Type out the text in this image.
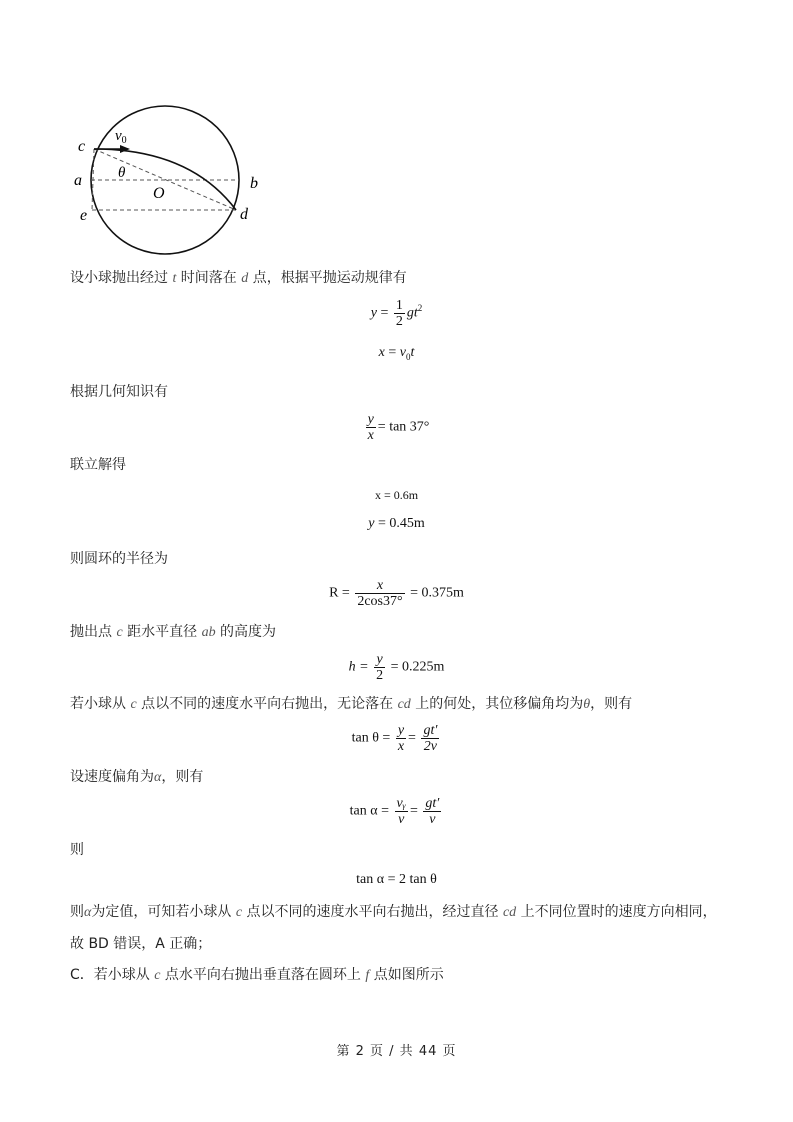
c
a
e
b
d
O
θ
$v_0$
设小球抛出经过 t 时间落在 d 点，根据平抛运动规律有
$y = \frac{1}{2} gt^2$
$x = v_0t$
根据几何知识有
$\frac{y}{x} = \tan 37^\circ$
联立解得
x = 0.6m
y = 0.45m
则圆环的半径为
$R = \frac{x}{2\cos 37^\circ} = 0.375m$
抛出点 c 距水平直径 ab 的高度为
$h = \frac{y}{2} = 0.225m$
若小球从 c 点以不同的速度水平向右抛出，无论落在 cd 上的何处，其位移偏角均为θ，则有
$\tan \theta = \frac{y}{x} = \frac{gt'}{2v}$
设速度偏角为α，则有
$\tan \alpha = \frac{\text{vᵧ}}{v} = \frac{gt'}{v}$
则
tan α = 2 tan θ
则α为定值，可知若小球从 c 点以不同的速度水平向右抛出，经过直径 cd 上不同位置时的速度方向相同，
故 BD 错误，A 正确；
C．若小球从 c 点水平向右抛出垂直落在圆环上 f 点如图所示
第 2 页 / 共 44 页
